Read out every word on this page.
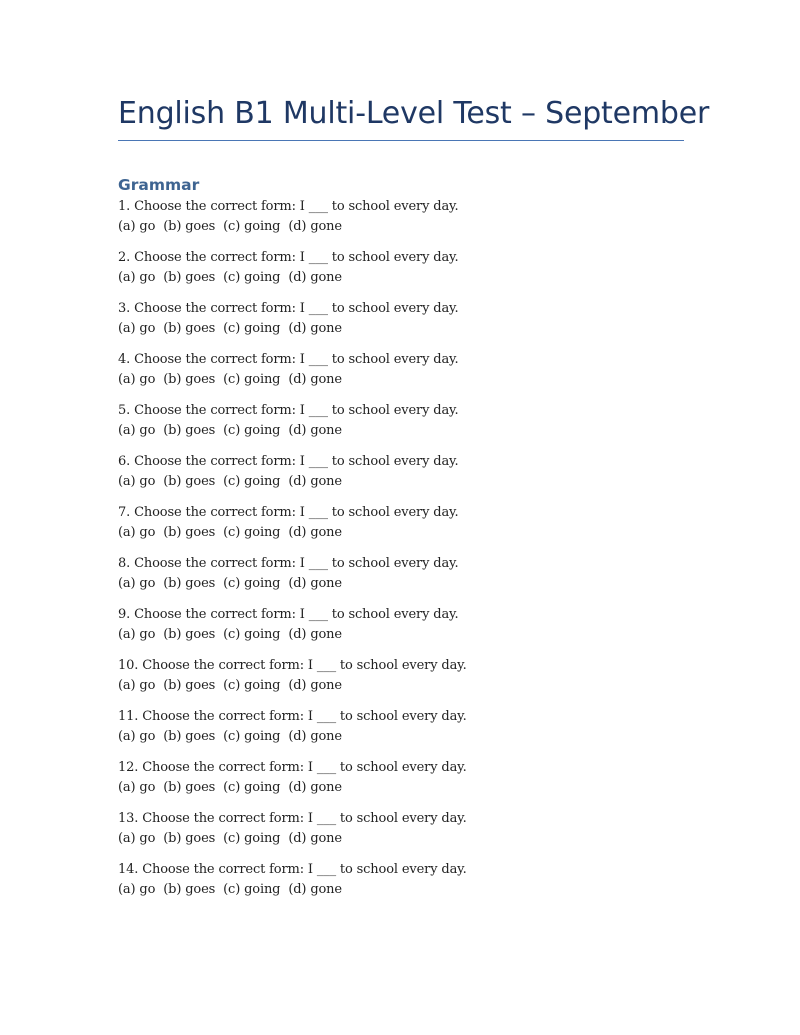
English B1 Multi-Level Test – September
Grammar
1. Choose the correct form: I ___ to school every day.
(a) go (b) goes (c) going (d) gone
2. Choose the correct form: I ___ to school every day.
(a) go (b) goes (c) going (d) gone
3. Choose the correct form: I ___ to school every day.
(a) go (b) goes (c) going (d) gone
4. Choose the correct form: I ___ to school every day.
(a) go (b) goes (c) going (d) gone
5. Choose the correct form: I ___ to school every day.
(a) go (b) goes (c) going (d) gone
6. Choose the correct form: I ___ to school every day.
(a) go (b) goes (c) going (d) gone
7. Choose the correct form: I ___ to school every day.
(a) go (b) goes (c) going (d) gone
8. Choose the correct form: I ___ to school every day.
(a) go (b) goes (c) going (d) gone
9. Choose the correct form: I ___ to school every day.
(a) go (b) goes (c) going (d) gone
10. Choose the correct form: I ___ to school every day.
(a) go (b) goes (c) going (d) gone
11. Choose the correct form: I ___ to school every day.
(a) go (b) goes (c) going (d) gone
12. Choose the correct form: I ___ to school every day.
(a) go (b) goes (c) going (d) gone
13. Choose the correct form: I ___ to school every day.
(a) go (b) goes (c) going (d) gone
14. Choose the correct form: I ___ to school every day.
(a) go (b) goes (c) going (d) gone
